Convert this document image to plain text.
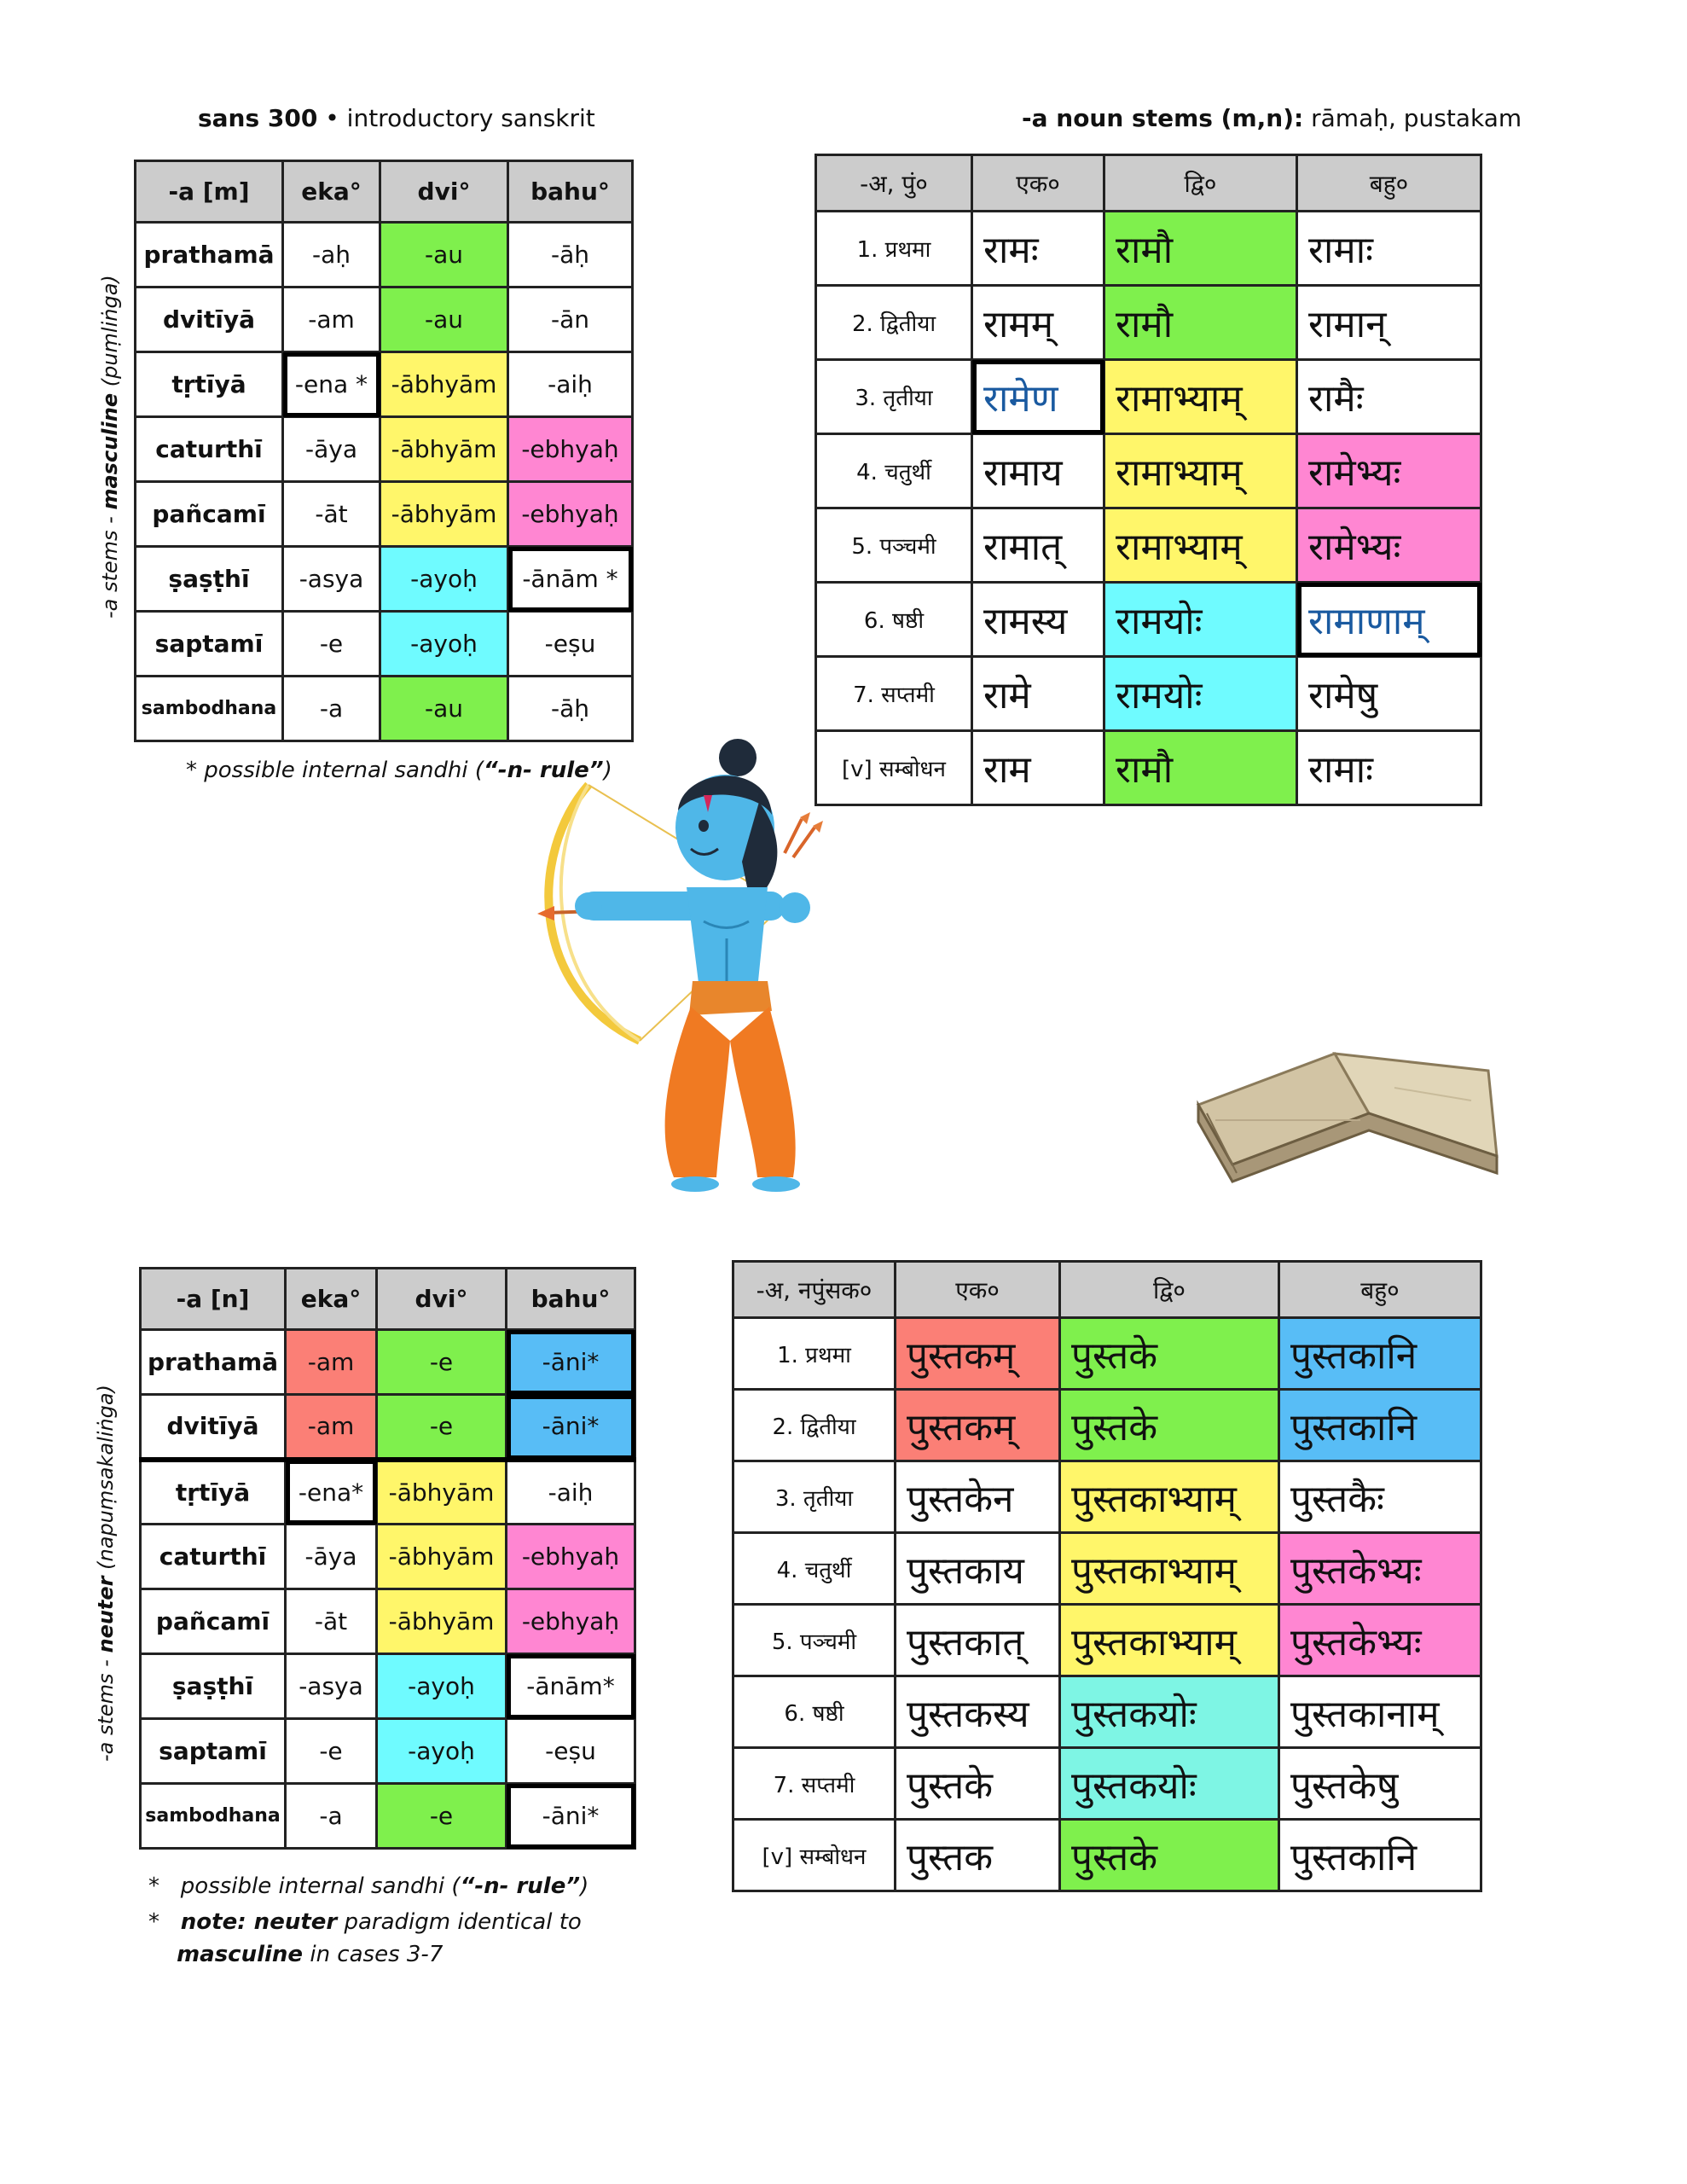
sans 300 • introductory sanskrit	-a noun stems (m,n): rāmaḥ, pustakam
-a stems - masculine (puṃliṅga)
-a [m]	eka°	dvi°	bahu°
prathamā	-aḥ	-au	-āḥ
dvitīyā	-am	-au	-ān
tṛtīyā	-ena *	-ābhyām	-aiḥ
caturthī	-āya	-ābhyām	-ebhyaḥ
pañcamī	-āt	-ābhyām	-ebhyaḥ
ṣaṣṭhī	-asya	-ayoḥ	-ānām *
saptamī	-e	-ayoḥ	-eṣu
sambodhana	-a	-au	-āḥ
* possible internal sandhi (“-n- rule”)
-अ, पुं०	एक०	द्वि०	बहु०
1. प्रथमा	रामः	रामौ	रामाः
2. द्वितीया	रामम्	रामौ	रामान्
3. तृतीया	रामेण	रामाभ्याम्	रामैः
4. चतुर्थी	रामाय	रामाभ्याम्	रामेभ्यः
5. पञ्चमी	रामात्	रामाभ्याम्	रामेभ्यः
6. षष्ठी	रामस्य	रामयोः	रामाणाम्
7. सप्तमी	रामे	रामयोः	रामेषु
[v] सम्बोधन	राम	रामौ	रामाः
-a stems - neuter (napuṃsakaliṅga)
-a [n]	eka°	dvi°	bahu°
prathamā	-am	-e	-āni*
dvitīyā	-am	-e	-āni*
tṛtīyā	-ena*	-ābhyām	-aiḥ
caturthī	-āya	-ābhyām	-ebhyaḥ
pañcamī	-āt	-ābhyām	-ebhyaḥ
ṣaṣṭhī	-asya	-ayoḥ	-ānām*
saptamī	-e	-ayoḥ	-eṣu
sambodhana	-a	-e	-āni*
*   possible internal sandhi (“-n- rule”)
*   note: neuter paradigm identical to
masculine in cases 3-7
-अ, नपुंसक०	एक०	द्वि०	बहु०
1. प्रथमा	पुस्तकम्	पुस्तके	पुस्तकानि
2. द्वितीया	पुस्तकम्	पुस्तके	पुस्तकानि
3. तृतीया	पुस्तकेन	पुस्तकाभ्याम्	पुस्तकैः
4. चतुर्थी	पुस्तकाय	पुस्तकाभ्याम्	पुस्तकेभ्यः
5. पञ्चमी	पुस्तकात्	पुस्तकाभ्याम्	पुस्तकेभ्यः
6. षष्ठी	पुस्तकस्य	पुस्तकयोः	पुस्तकानाम्
7. सप्तमी	पुस्तके	पुस्तकयोः	पुस्तकेषु
[v] सम्बोधन	पुस्तक	पुस्तके	पुस्तकानि
